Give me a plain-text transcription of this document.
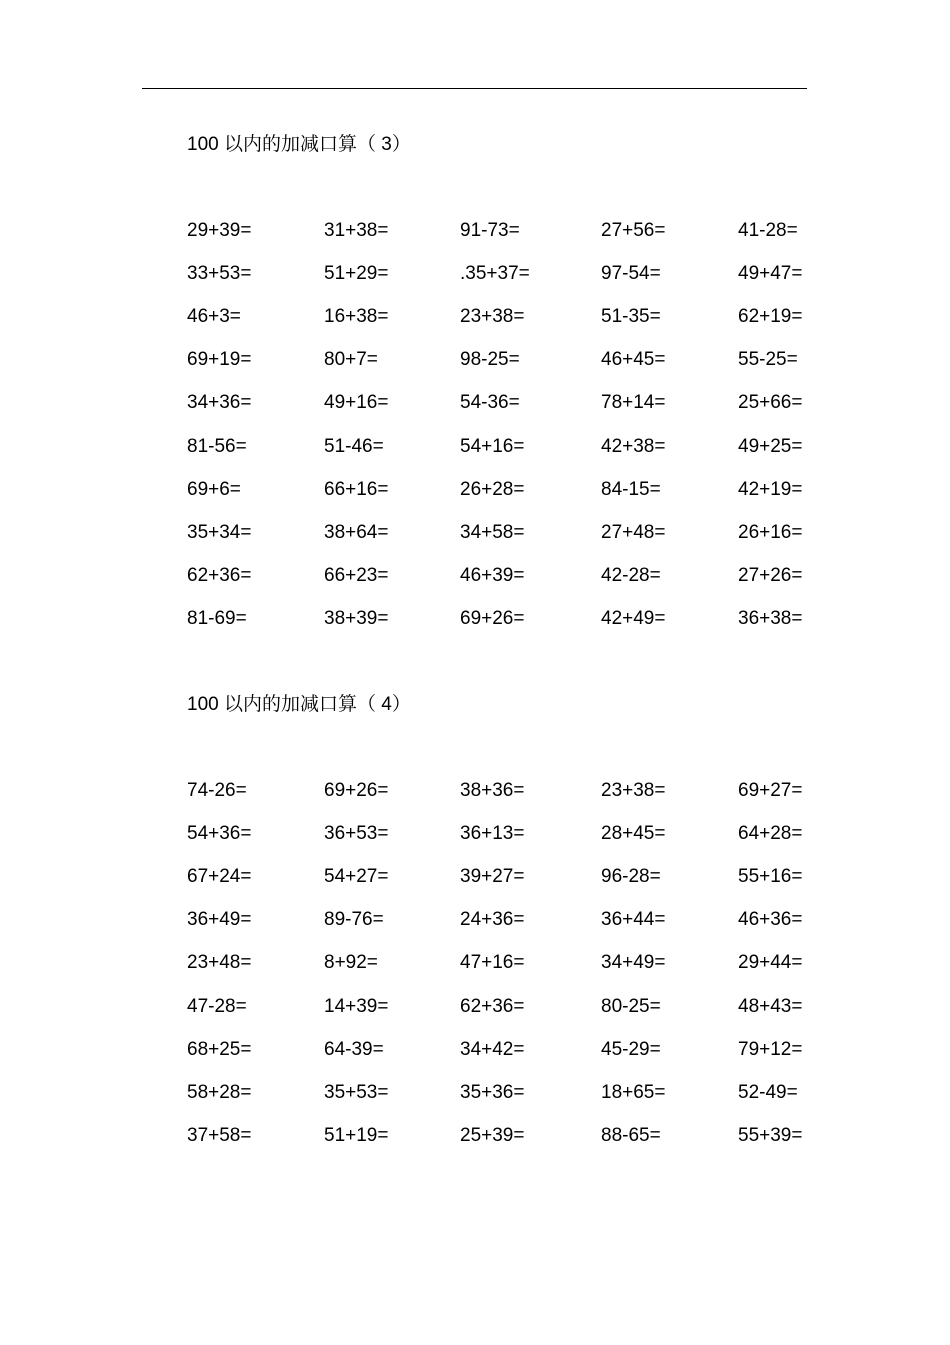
100 以内的加减口算（ 3）
29+39=	31+38=	91-73=	27+56=	41-28=
33+53=	51+29=	.35+37=	97-54=	49+47=
46+3=	16+38=	23+38=	51-35=	62+19=
69+19=	80+7=	98-25=	46+45=	55-25=
34+36=	49+16=	54-36=	78+14=	25+66=
81-56=	51-46=	54+16=	42+38=	49+25=
69+6=	66+16=	26+28=	84-15=	42+19=
35+34=	38+64=	34+58=	27+48=	26+16=
62+36=	66+23=	46+39=	42-28=	27+26=
81-69=	38+39=	69+26=	42+49=	36+38=
100 以内的加减口算（ 4）
74-26=	69+26=	38+36=	23+38=	69+27=
54+36=	36+53=	36+13=	28+45=	64+28=
67+24=	54+27=	39+27=	96-28=	55+16=
36+49=	89-76=	24+36=	36+44=	46+36=
23+48=	8+92=	47+16=	34+49=	29+44=
47-28=	14+39=	62+36=	80-25=	48+43=
68+25=	64-39=	34+42=	45-29=	79+12=
58+28=	35+53=	35+36=	18+65=	52-49=
37+58=	51+19=	25+39=	88-65=	55+39=
